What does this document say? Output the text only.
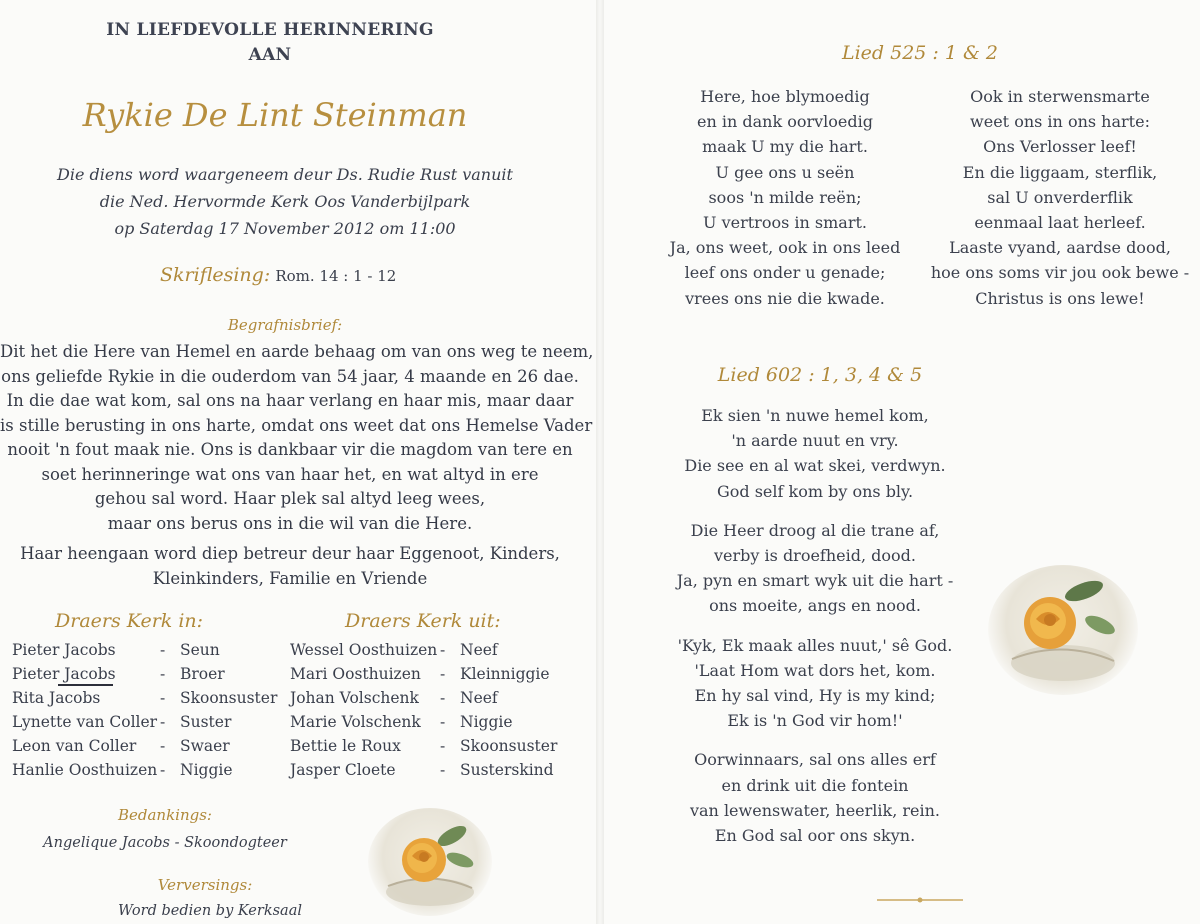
IN LIEFDEVOLLE HERINNERING
AAN
Rykie De Lint Steinman
Die diens word waargeneem deur Ds. Rudie Rust vanuit
die Ned. Hervormde Kerk Oos Vanderbijlpark
op Saterdag 17 November 2012 om 11:00
Skriflesing: Rom. 14 : 1 - 12
Begrafnisbrief:
Dit het die Here van Hemel en aarde behaag om van ons weg te neem,
ons geliefde Rykie in die ouderdom van 54 jaar, 4 maande en 26 dae.
In die dae wat kom, sal ons na haar verlang en haar mis, maar daar
is stille berusting in ons harte, omdat ons weet dat ons Hemelse Vader
nooit 'n fout maak nie. Ons is dankbaar vir die magdom van tere en
soet herinneringe wat ons van haar het, en wat altyd in ere
gehou sal word. Haar plek sal altyd leeg wees,
maar ons berus ons in die wil van die Here.
Haar heengaan word diep betreur deur haar Eggenoot, Kinders,
Kleinkinders, Familie en Vriende
Draers Kerk in:	Draers Kerk uit:
Pieter Jacobs	- Seun
Pieter Jacobs	- Broer
Rita Jacobs	- Skoonsuster
Lynette van Coller - Suster
Leon van Coller - Swaer
Hanlie Oosthuizen - Niggie
Wessel Oosthuizen - Neef
Mari Oosthuizen - Kleinniggie
Johan Volschenk - Neef
Marie Volschenk - Niggie
Bettie le Roux	- Skoonsuster
Jasper Cloete	- Susterskind
Bedankings:
Angelique Jacobs - Skoondogteer
Verversings:
Word bedien by Kerksaal
Lied 525 : 1 & 2
Here, hoe blymoedig
en in dank oorvloedig
maak U my die hart.
U gee ons u seën
soos 'n milde reën;
U vertroos in smart.
Ja, ons weet, ook in ons leed
leef ons onder u genade;
vrees ons nie die kwade.
Ook in sterwensmarte
weet ons in ons harte:
Ons Verlosser leef!
En die liggaam, sterflik,
sal U onverderflik
eenmaal laat herleef.
Laaste vyand, aardse dood,
hoe ons soms vir jou ook bewe -
Christus is ons lewe!
Lied 602 : 1, 3, 4 & 5
Ek sien 'n nuwe hemel kom,
'n aarde nuut en vry.
Die see en al wat skei, verdwyn.
God self kom by ons bly.
Die Heer droog al die trane af,
verby is droefheid, dood.
Ja, pyn en smart wyk uit die hart -
ons moeite, angs en nood.
'Kyk, Ek maak alles nuut,' sê God.
'Laat Hom wat dors het, kom.
En hy sal vind, Hy is my kind;
Ek is 'n God vir hom!'
Oorwinnaars, sal ons alles erf
en drink uit die fontein
van lewenswater, heerlik, rein.
En God sal oor ons skyn.
